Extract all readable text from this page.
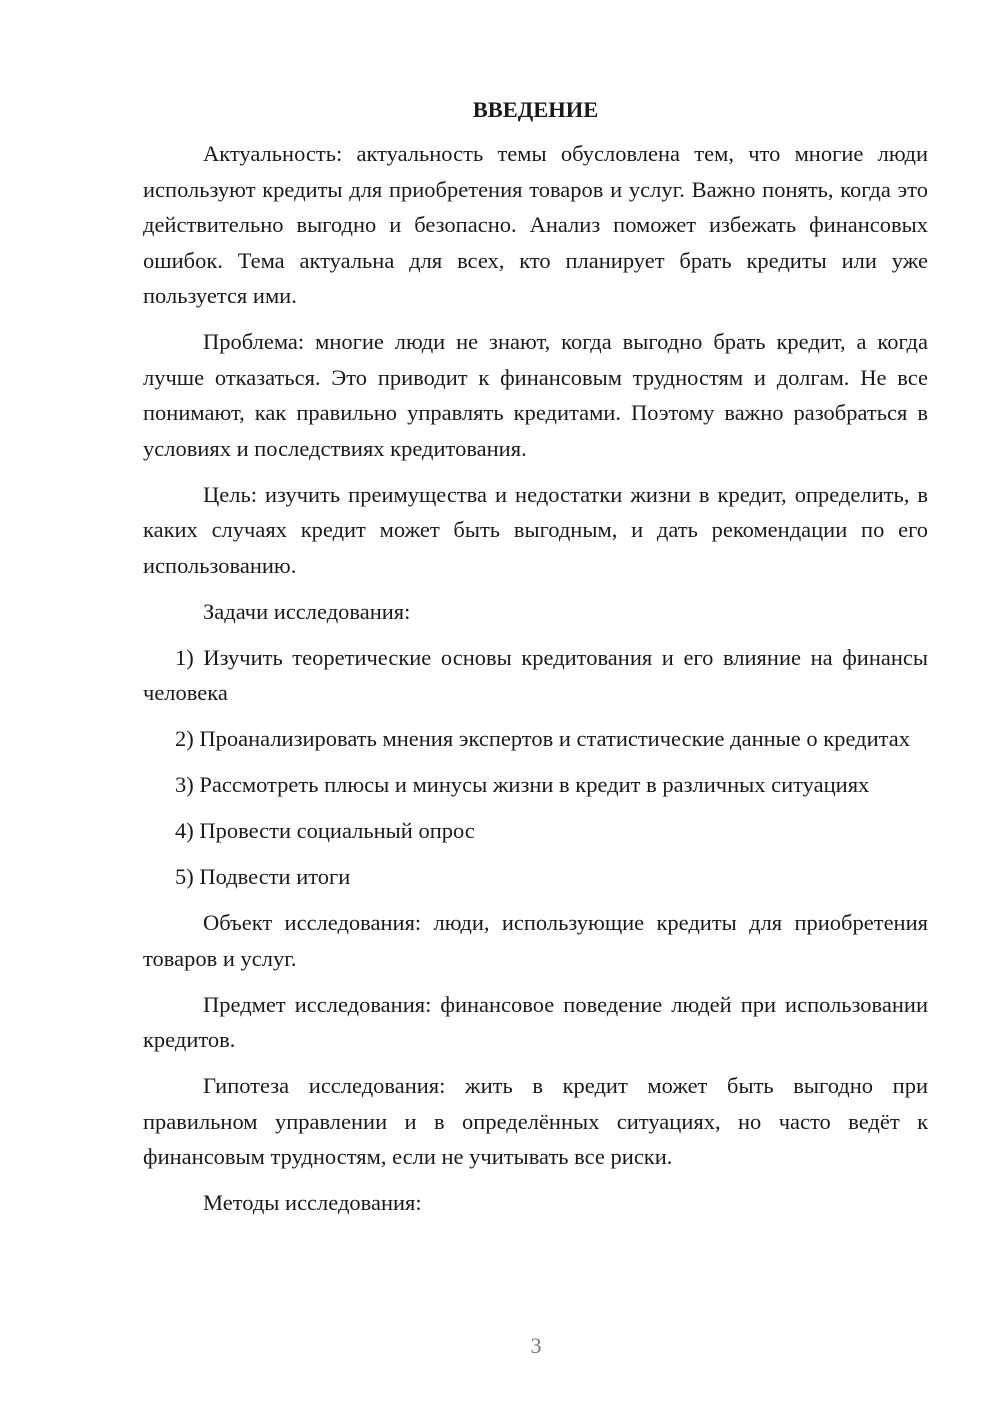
ВВЕДЕНИЕ

Актуальность: актуальность темы обусловлена тем, что многие люди используют кредиты для приобретения товаров и услуг. Важно понять, когда это действительно выгодно и безопасно. Анализ поможет избежать финансовых ошибок. Тема актуальна для всех, кто планирует брать кредиты или уже пользуется ими.

Проблема: многие люди не знают, когда выгодно брать кредит, а когда лучше отказаться. Это приводит к финансовым трудностям и долгам. Не все понимают, как правильно управлять кредитами. Поэтому важно разобраться в условиях и последствиях кредитования.

Цель: изучить преимущества и недостатки жизни в кредит, определить, в каких случаях кредит может быть выгодным, и дать рекомендации по его использованию.

Задачи исследования:

1) Изучить теоретические основы кредитования и его влияние на финансы человека

2) Проанализировать мнения экспертов и статистические данные о кредитах

3) Рассмотреть плюсы и минусы жизни в кредит в различных ситуациях

4) Провести социальный опрос

5) Подвести итоги

Объект исследования: люди, использующие кредиты для приобретения товаров и услуг.

Предмет исследования: финансовое поведение людей при использовании кредитов.

Гипотеза исследования: жить в кредит может быть выгодно при правильном управлении и в определённых ситуациях, но часто ведёт к финансовым трудностям, если не учитывать все риски.

Методы исследования:

3
